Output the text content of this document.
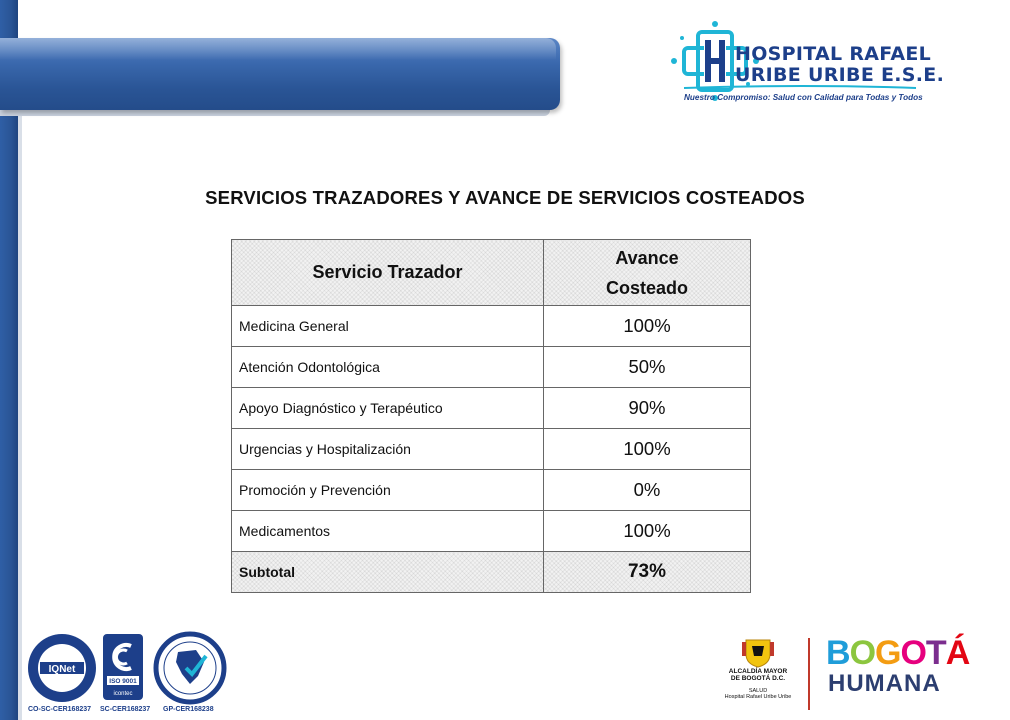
HOSPITAL RAFAEL
URIBE URIBE E.S.E.
Nuestro Compromiso: Salud con Calidad para Todas y Todos
SERVICIOS TRAZADORES Y AVANCE DE SERVICIOS COSTEADOS
Servicio Trazador	Avance
Costeado

Medicina General	100%
Atención Odontológica	50%
Apoyo Diagnóstico y Terapéutico	90%
Urgencias y Hospitalización	100%
Promoción y Prevención	0%
Medicamentos	100%
Subtotal	73%
IQNet
CO-SC-CER168237
ISO 9001
icontec
SC-CER168237 GP-CER168238
ALCALDÍA MAYOR
DE BOGOTÁ D.C.
SALUD
Hospital Rafael Uribe Uribe
BOGOTÁ
HUMANA
